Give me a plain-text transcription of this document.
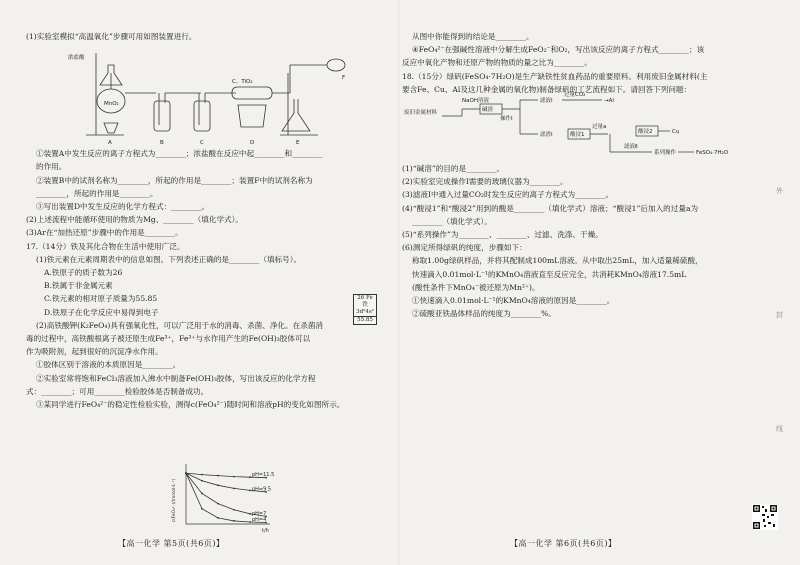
(1)实验室模拟“高温氧化”步骤可用如图装置进行。

浓盐酸
MnO₂
C、TiO₂
A	B	C	D	E
F

①装置A中发生反应的离子方程式为________；浓盐酸在反应中起________和________

的作用。

②装置B中的试剂名称为________，所起的作用是________；装置F中的试剂名称为

________，所起的作用是________。

③写出装置D中发生反应的化学方程式：________。

(2)上述流程中能循环使用的物质为Mg、________（填化学式）。

(3)Ar在“加热还原”步骤中的作用是________。

17.（14分）铁及其化合物在生活中使用广泛。

(1)铁元素在元素周期表中的信息如图。下列表述正确的是________（填标号）。

A.铁原子的质子数为26

B.铁属于非金属元素

C.铁元素的相对原子质量为55.85

D.铁原子在化学反应中易得到电子

(2)高铁酸钾(K₂FeO₄)具有强氧化性，可以广泛用于水的消毒、杀菌、净化。在杀菌消

毒的过程中，高铁酸根离子被还原生成Fe³⁺，Fe³⁺与水作用产生的Fe(OH)₃胶体可以

作为吸附剂，起到很好的沉淀净水作用。

①胶体区别于溶液的本质原因是________。

②实验室常将饱和FeCl₃溶液加入沸水中制备Fe(OH)₃胶体，写出该反应的化学方程

式：________；可用________检验胶体是否制备成功。

③某同学进行FeO₄²⁻的稳定性检验实验，测得c(FeO₄²⁻)随时间和溶液pH的变化如图所示。

26 Fe
铁
3d⁶4s²
55.85
pH=11.5
pH=9.5
pH=7
pH=4
t/h
c(FeO₄²⁻)/(mmol·L⁻¹)
【高一化学 第5页(共6页)】

从图中你能得到的结论是________。

④FeO₄²⁻在强碱性溶液中分解生成FeO₂⁻和O₂，写出该反应的离子方程式________；该

反应中氧化产物和还原产物的物质的量之比为________。

18.（15分）绿矾(FeSO₄·7H₂O)是生产缺铁性贫血药品的重要原料。利用废旧金属材料(主

要含Fe、Cu、Al及这几种金属的氧化物)制备绿矾的工艺流程如下。请回答下列问题：

废旧金属材料
NaOH溶液
碱溶
操作Ⅰ
滤液Ⅰ
过量CO₂
→Al
滤渣Ⅰ	酸浸1
过量a
酸浸2	Cu
滤液Ⅱ
系列操作	FeSO₄·7H₂O

(1)“碱溶”的目的是________。

(2)实验室完成操作Ⅰ需要的玻璃仪器为________。

(3)滤液Ⅰ中通入过量CO₂时发生反应的离子方程式为________。

(4)“酸浸1”和“酸浸2”用到的酸是________（填化学式）溶液；“酸浸1”后加入的过量a为

________（填化学式）。

(5)“系列操作”为________、________、过滤、洗涤、干燥。

(6)测定所得绿矾的纯度，步骤如下：

称取1.00g绿矾样品，并将其配制成100mL溶液。从中取出25mL，加入适量稀硫酸，

快速滴入0.01mol·L⁻¹的KMnO₄溶液直至反应完全，共消耗KMnO₄溶液17.5mL

(酸性条件下MnO₄⁻被还原为Mn²⁺)。

①快速滴入0.01mol·L⁻¹的KMnO₄溶液的原因是________。

②硫酸亚铁晶体样品的纯度为________%。

【高一化学 第6页(共6页)】
外
封
线
